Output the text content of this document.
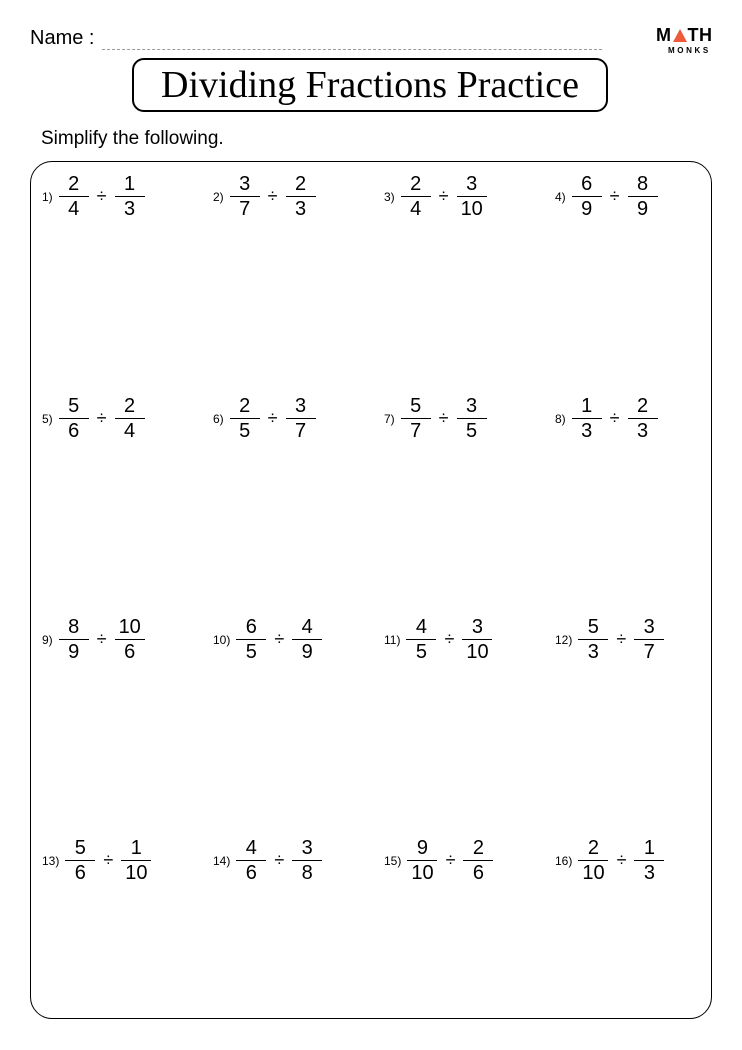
Name :	M TH
MONKS
Dividing Fractions Practice
Simplify the following.
$1) \frac{2}{4} \div \frac{1}{3}$	$2) \frac{3}{7} \div \frac{2}{3}$	$3) \frac{2}{4} \div \frac{3}{10}$	$4) \frac{6}{9} \div \frac{8}{9}$
$5) \frac{5}{6} \div \frac{2}{4}$	$6) \frac{2}{5} \div \frac{3}{7}$	$7) \frac{5}{7} \div \frac{3}{5}$	$8) \frac{1}{3} \div \frac{2}{3}$
$9) \frac{8}{9} \div \frac{10}{6}$	$10) \frac{6}{5} \div \frac{4}{9}$	$11) \frac{4}{5} \div \frac{3}{10}$	$12) \frac{5}{3} \div \frac{3}{7}$
$13) \frac{5}{6} \div \frac{1}{10}$	$14) \frac{4}{6} \div \frac{3}{8}$	$15) \frac{9}{10} \div \frac{2}{6}$	$16) \frac{2}{10} \div \frac{1}{3}$
